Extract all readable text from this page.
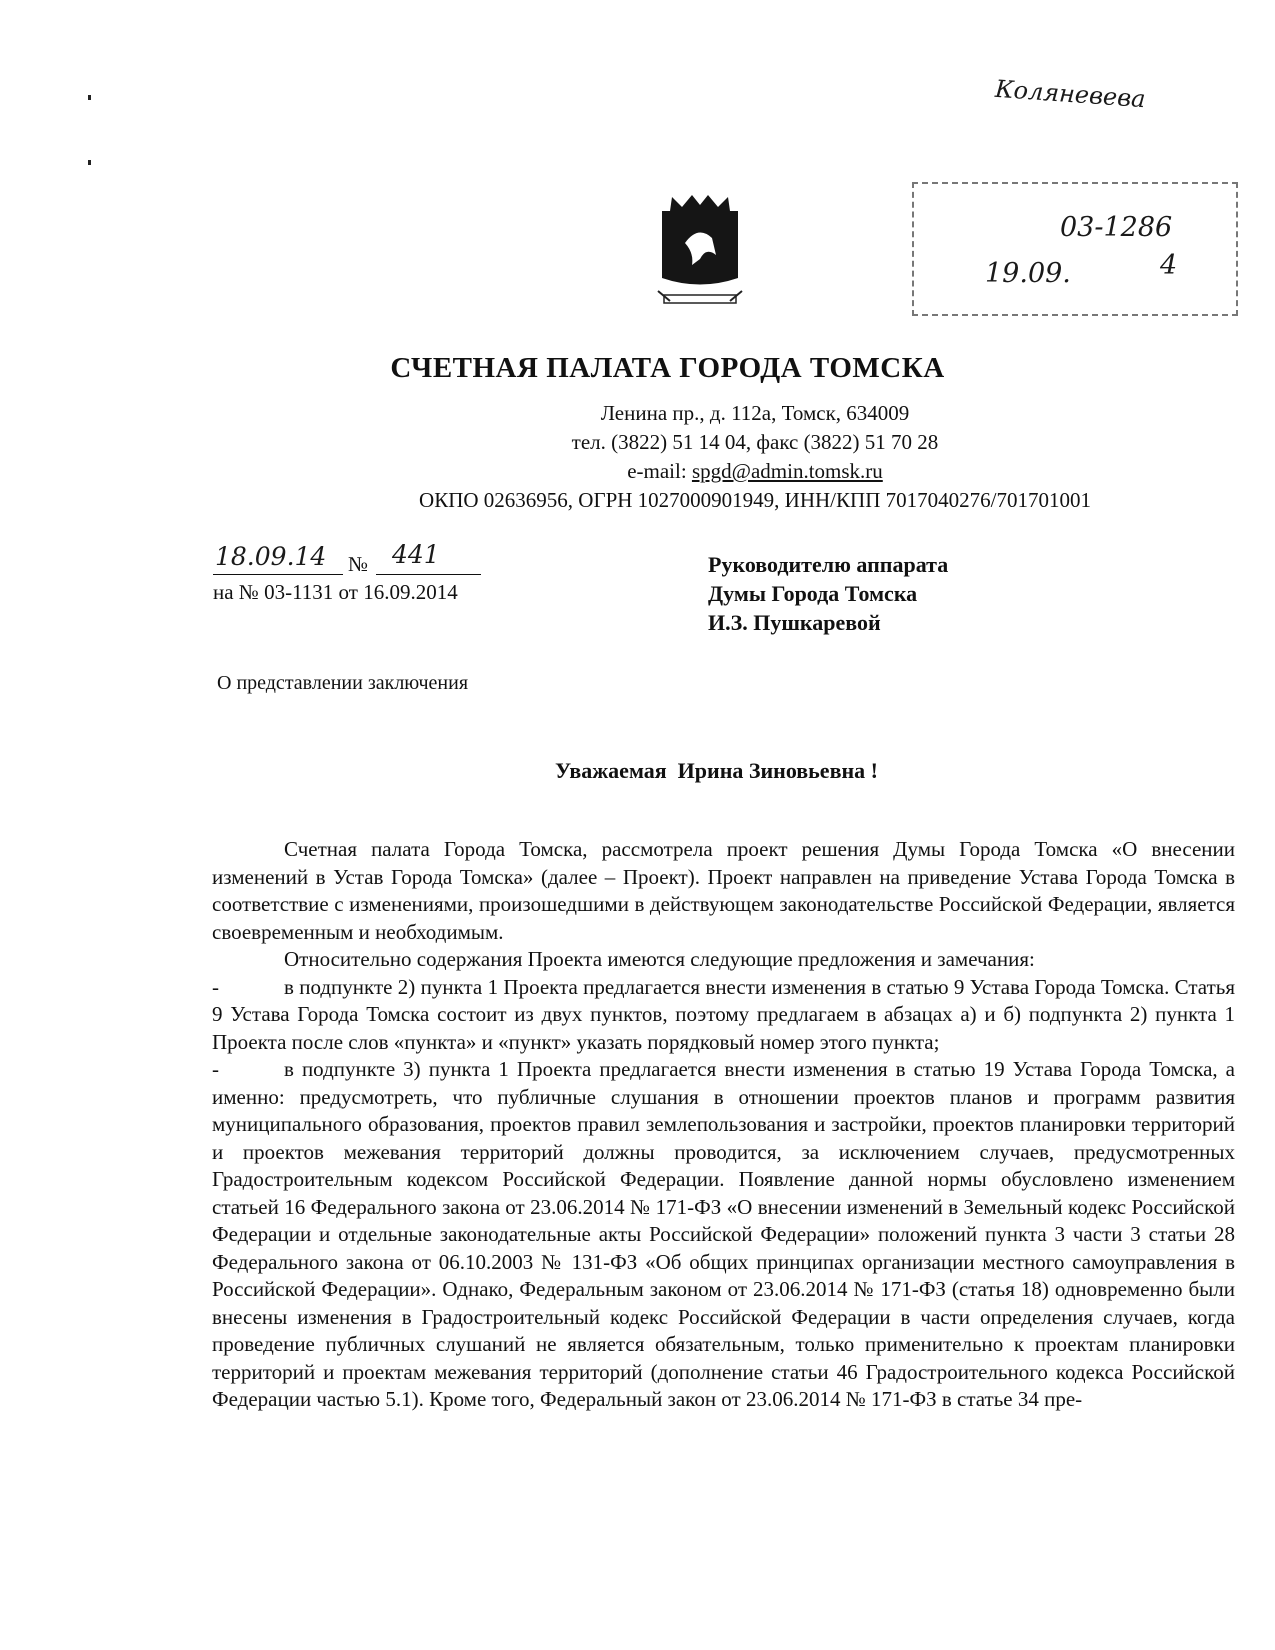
Коляневева
03-1286
19.09.	4
СЧЕТНАЯ ПАЛАТА ГОРОДА ТОМСКА
Ленина пр., д. 112а, Томск, 634009
тел. (3822) 51 14 04, факс (3822) 51 70 28
e-mail: spgd@admin.tomsk.ru
ОКПО 02636956, ОГРН 1027000901949, ИНН/КПП 7017040276/701701001
18.09.14 № 441
на № 03-1131 от 16.09.2014
Руководителю аппарата
Думы Города Томска
И.З. Пушкаревой
О представлении заключения
Уважаемая  Ирина Зиновьевна !

Счетная палата Города Томска, рассмотрела проект решения Думы Города Томска «О внесении изменений в Устав Города Томска» (далее – Проект). Проект направлен на приведение Устава Города Томска в соответствие с изменениями, произошедшими в действующем законодательстве Российской Федерации, является своевременным и необходимым.

Относительно содержания Проекта имеются следующие предложения и замечания:

-	в подпункте 2) пункта 1 Проекта предлагается внести изменения в статью 9 Устава Города Томска. Статья 9 Устава Города Томска состоит из двух пунктов, поэтому предлагаем в абзацах а) и б) подпункта 2) пункта 1 Проекта после слов «пункта» и «пункт» указать порядковый номер этого пункта;
-	в подпункте 3) пункта 1 Проекта предлагается внести изменения в статью 19 Устава Города Томска, а именно: предусмотреть, что публичные слушания в отношении проектов планов и программ развития муниципального образования, проектов правил землепользования и застройки, проектов планировки территорий и проектов межевания территорий должны проводится, за исключением случаев, предусмотренных Градостроительным кодексом Российской Федерации. Появление данной нормы обусловлено изменением статьей 16 Федерального закона от 23.06.2014 № 171-ФЗ «О внесении изменений в Земельный кодекс Российской Федерации и отдельные законодательные акты Российской Федерации» положений пункта 3 части 3 статьи 28 Федерального закона от 06.10.2003 № 131-ФЗ «Об общих принципах организации местного самоуправления в Российской Федерации». Однако, Федеральным законом от 23.06.2014 № 171-ФЗ (статья 18) одновременно были внесены изменения в Градостроительный кодекс Российской Федерации в части определения случаев, когда проведение публичных слушаний не является обязательным, только применительно к проектам планировки территорий и проектам межевания территорий (дополнение статьи 46 Градостроительного кодекса Российской Федерации частью 5.1). Кроме того, Федеральный закон от 23.06.2014 № 171-ФЗ в статье 34 пре-
